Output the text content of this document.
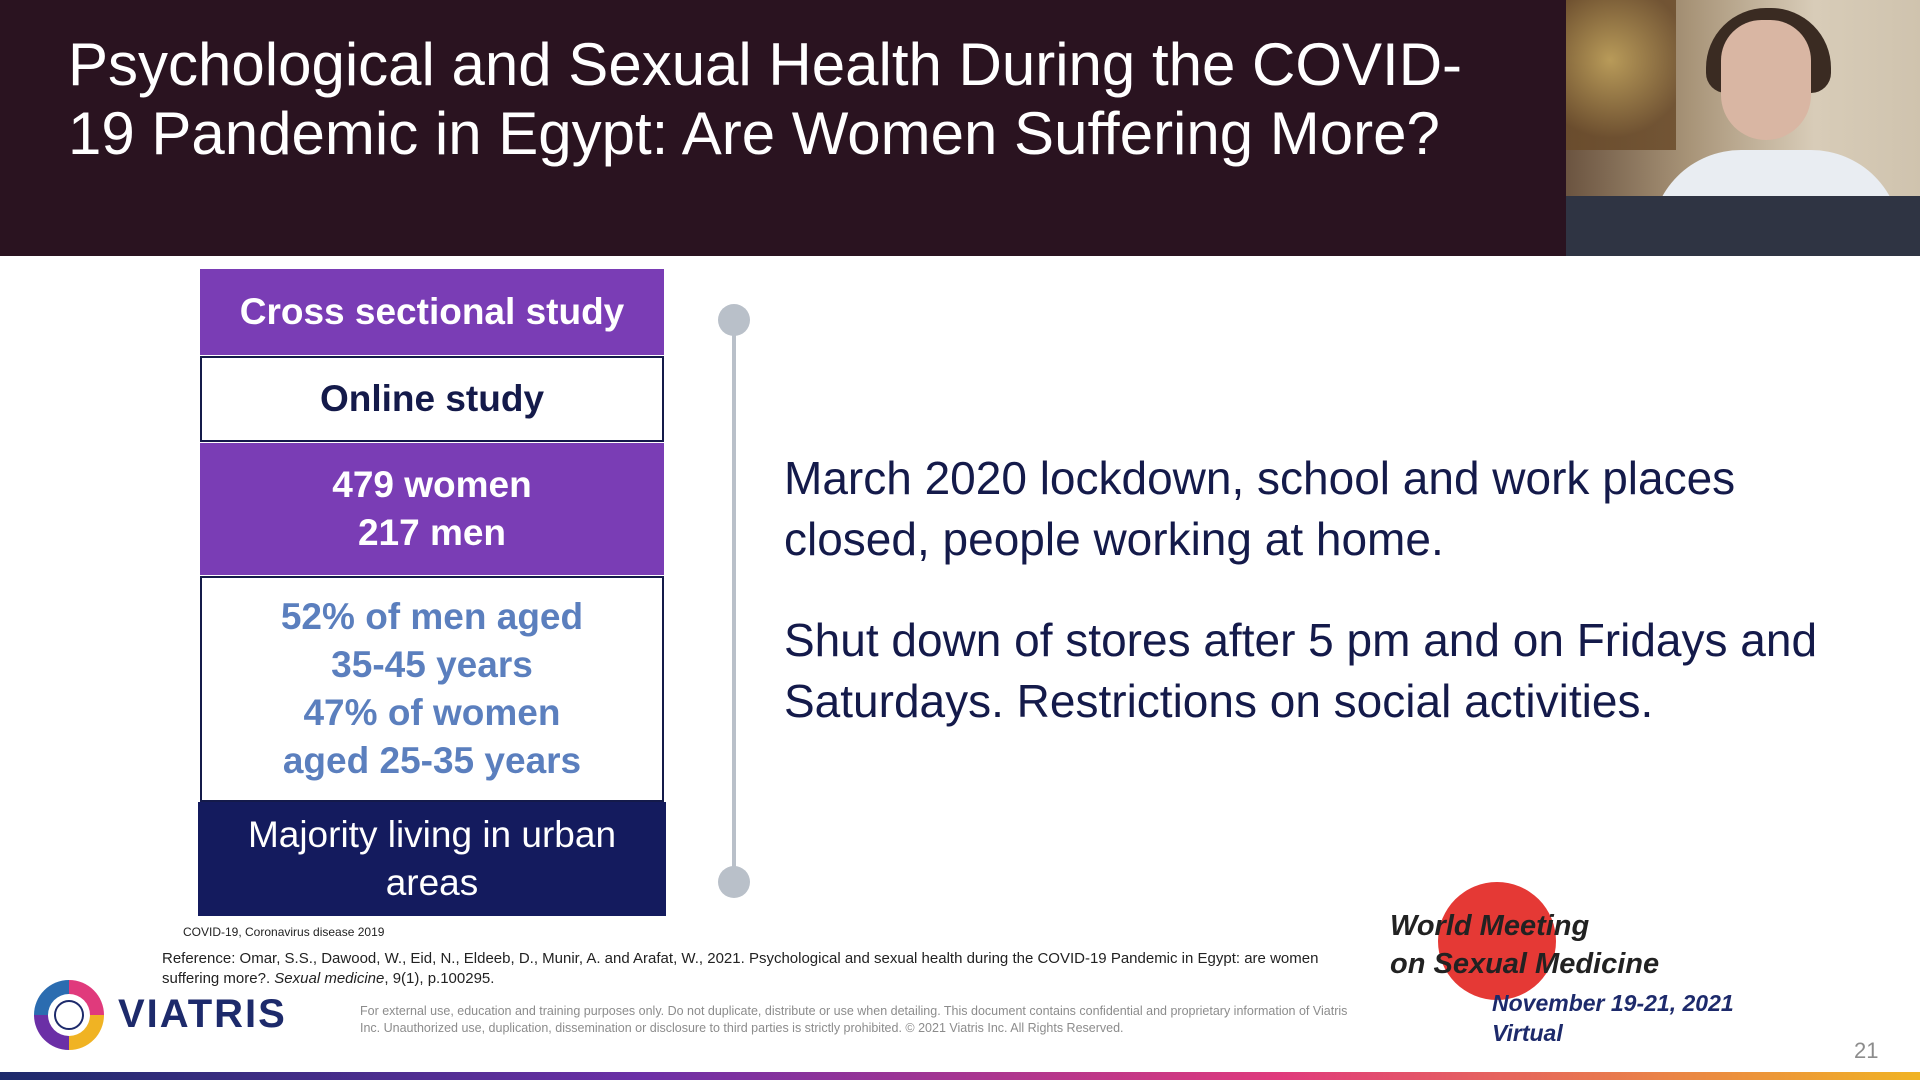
Psychological and Sexual Health During the COVID-19 Pandemic in Egypt: Are Women Suffering More?
Cross sectional study
Online study
479 women
217 men
52% of men aged
35-45 years
47% of women
aged 25-35 years
Majority living in urban
areas

March 2020 lockdown, school and work places closed, people working at home.

Shut down of stores after 5 pm and on Fridays and Saturdays. Restrictions on social activities.

COVID-19, Coronavirus disease 2019
Reference: Omar, S.S., Dawood, W., Eid, N., Eldeeb, D., Munir, A. and Arafat, W., 2021. Psychological and sexual health during the COVID-19 Pandemic in Egypt: are women suffering more?. Sexual medicine, 9(1), p.100295.
VIATRIS	For external use, education and training purposes only. Do not duplicate, distribute or use when detailing. This document contains confidential and proprietary information of Viatris Inc. Unauthorized use, duplication, dissemination or disclosure to third parties is strictly prohibited. © 2021 Viatris Inc. All Rights Reserved.
World Meeting
on Sexual Medicine
November 19-21, 2021
Virtual
21
